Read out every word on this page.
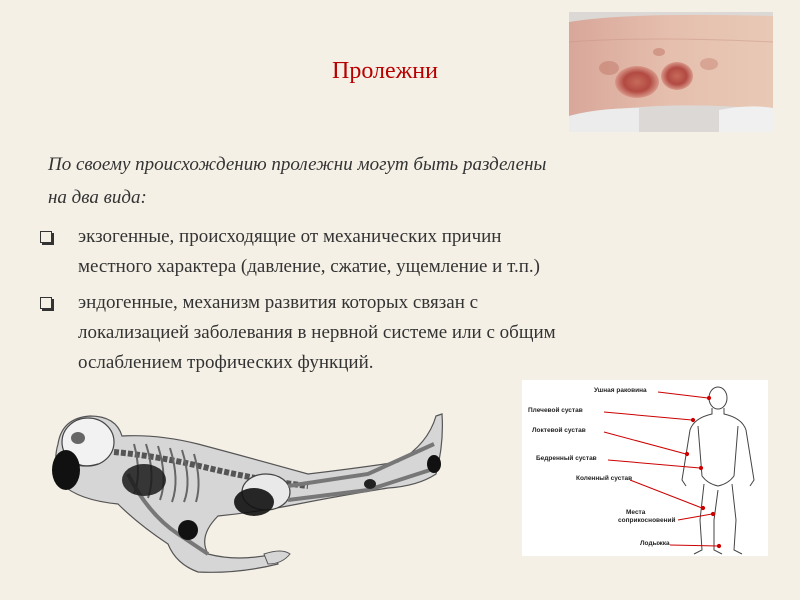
Пролежни
По своему происхождению пролежни могут быть разделены
на два вида:
экзогенные, происходящие от механических причин
местного характера (давление, сжатие, ущемление и т.п.)
эндогенные, механизм развития которых связан с
локализацией заболевания в нервной системе или с общим
ослаблением трофических функций.
Ушная раковина
Плечевой сустав
Локтевой сустав
Бедренный сустав
Коленный сустав
Места
соприкосновений
Лодыжка
